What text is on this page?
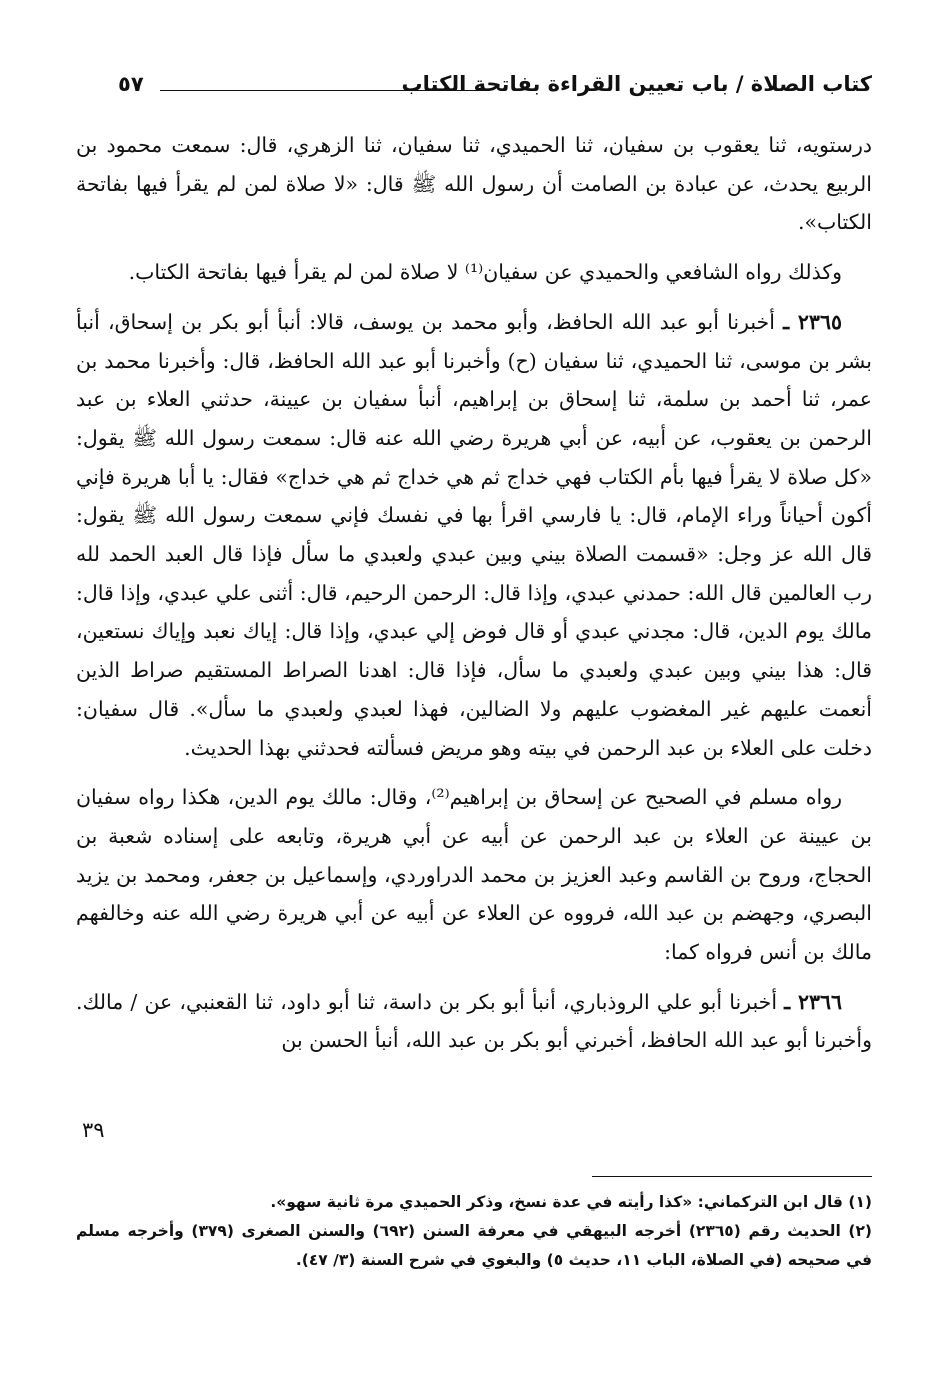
كتاب الصلاة / باب تعيين القراءة بفاتحة الكتاب
٥٧

درستويه، ثنا يعقوب بن سفيان، ثنا الحميدي، ثنا سفيان، ثنا الزهري، قال: سمعت محمود بن الربيع يحدث، عن عبادة بن الصامت أن رسول الله ﷺ قال: «لا صلاة لمن لم يقرأ فيها بفاتحة الكتاب».

وكذلك رواه الشافعي والحميدي عن سفيان⁽¹⁾ لا صلاة لمن لم يقرأ فيها بفاتحة الكتاب.

٢٣٦٥ ـ أخبرنا أبو عبد الله الحافظ، وأبو محمد بن يوسف، قالا: أنبأ أبو بكر بن إسحاق، أنبأ بشر بن موسى، ثنا الحميدي، ثنا سفيان (ح) وأخبرنا أبو عبد الله الحافظ، قال: وأخبرنا محمد بن عمر، ثنا أحمد بن سلمة، ثنا إسحاق بن إبراهيم، أنبأ سفيان بن عيينة، حدثني العلاء بن عبد الرحمن بن يعقوب، عن أبيه، عن أبي هريرة رضي الله عنه قال: سمعت رسول الله ﷺ يقول: «كل صلاة لا يقرأ فيها بأم الكتاب فهي خداج ثم هي خداج ثم هي خداج» فقال: يا أبا هريرة فإني أكون أحياناً وراء الإمام، قال: يا فارسي اقرأ بها في نفسك فإني سمعت رسول الله ﷺ يقول: قال الله عز وجل: «قسمت الصلاة بيني وبين عبدي ولعبدي ما سأل فإذا قال العبد الحمد لله رب العالمين قال الله: حمدني عبدي، وإذا قال: الرحمن الرحيم، قال: أثنى علي عبدي، وإذا قال: مالك يوم الدين، قال: مجدني عبدي أو قال فوض إلي عبدي، وإذا قال: إياك نعبد وإياك نستعين، قال: هذا بيني وبين عبدي ولعبدي ما سأل، فإذا قال: اهدنا الصراط المستقيم صراط الذين أنعمت عليهم غير المغضوب عليهم ولا الضالين، فهذا لعبدي ولعبدي ما سأل». قال سفيان: دخلت على العلاء بن عبد الرحمن في بيته وهو مريض فسألته فحدثني بهذا الحديث.

رواه مسلم في الصحيح عن إسحاق بن إبراهيم⁽²⁾، وقال: مالك يوم الدين، هكذا رواه سفيان بن عيينة عن العلاء بن عبد الرحمن عن أبيه عن أبي هريرة، وتابعه على إسناده شعبة بن الحجاج، وروح بن القاسم وعبد العزيز بن محمد الدراوردي، وإسماعيل بن جعفر، ومحمد بن يزيد البصري، وجهضم بن عبد الله، فرووه عن العلاء عن أبيه عن أبي هريرة رضي الله عنه وخالفهم مالك بن أنس فرواه كما:

٢٣٦٦ ـ أخبرنا أبو علي الروذباري، أنبأ أبو بكر بن داسة، ثنا أبو داود، ثنا القعنبي، عن / مالك. وأخبرنا أبو عبد الله الحافظ، أخبرني أبو بكر بن عبد الله، أنبأ الحسن بن

٣٩

(١) قال ابن التركماني: «كذا رأيته في عدة نسخ، وذكر الحميدي مرة ثانية سهو».

(٢) الحديث رقم (٢٣٦٥) أخرجه البيهقي في معرفة السنن (٦٩٢) والسنن الصغرى (٣٧٩) وأخرجه مسلم في صحيحه (في الصلاة، الباب ١١، حديث ٥) والبغوي في شرح السنة (٣/ ٤٧).
